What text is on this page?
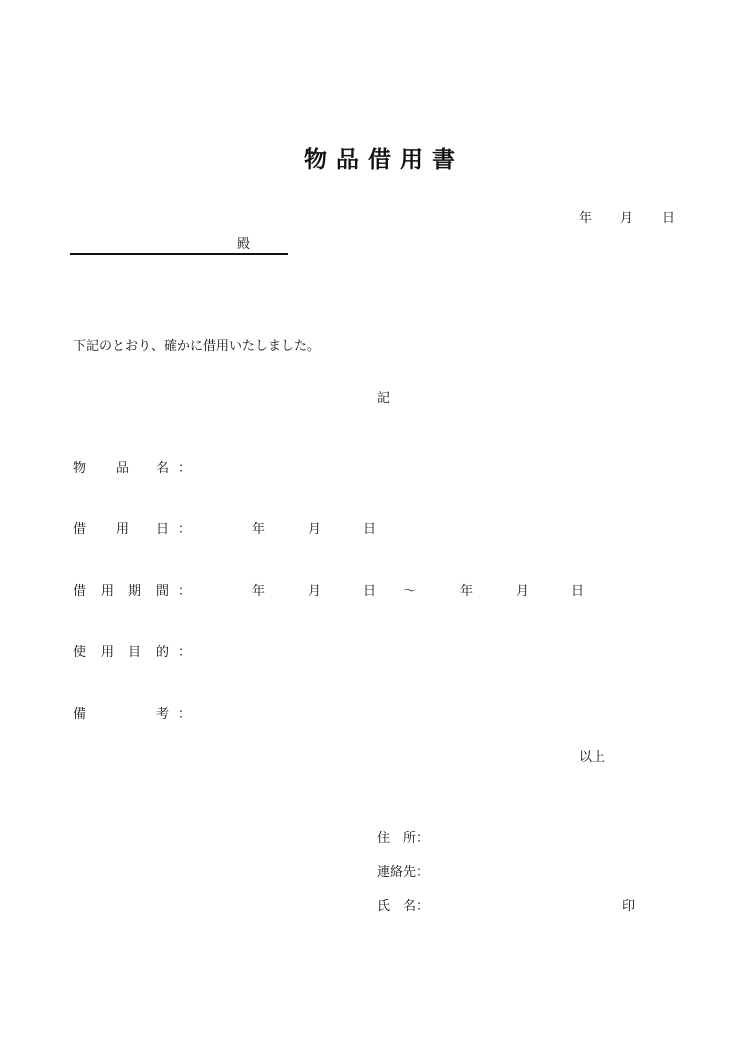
物品借用書
年 月 日
殿
下記のとおり、確かに借用いたしました。
記
物 品 名 ：
借 用 日 ：	年	月	日
借 用 期 間 ：	年	月	日 〜	年	月	日
使 用 目 的 ：
備	考 ：
以上
住　所：
連絡先：
氏　名：	印
